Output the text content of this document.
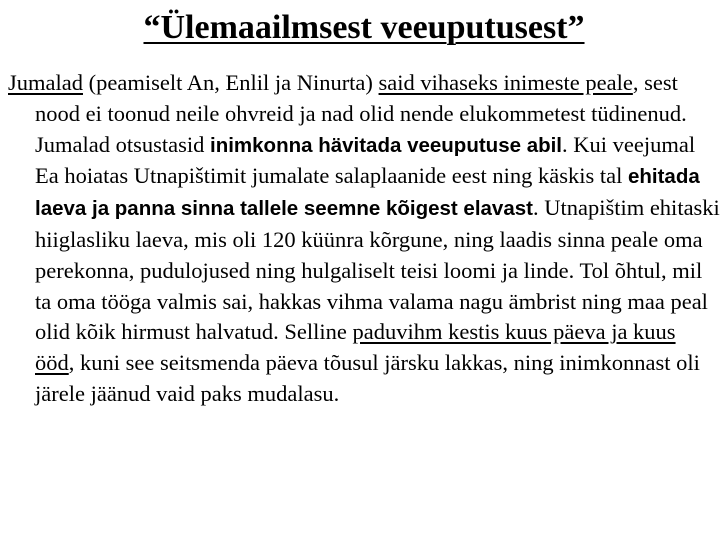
“Ülemaailmsest veeuputusest”

Jumalad (peamiselt An, Enlil ja Ninurta) said vihaseks inimeste peale, sest nood ei toonud neile ohvreid ja nad olid nende elukommetest tüdinenud. Jumalad otsustasid inimkonna hävitada veeuputuse abil. Kui veejumal Ea hoiatas Utnapištimit jumalate salaplaanide eest ning käskis tal ehitada laeva ja panna sinna tallele seemne kõigest elavast. Utnapištim ehitaski hiiglasliku laeva, mis oli 120 küünra kõrgune, ning laadis sinna peale oma perekonna, pudulojused ning hulgaliselt teisi loomi ja linde. Tol õhtul, mil ta oma tööga valmis sai, hakkas vihma valama nagu ämbrist ning maa peal olid kõik hirmust halvatud. Selline paduvihm kestis kuus päeva ja kuus ööd, kuni see seitsmenda päeva tõusul järsku lakkas, ning inimkonnast oli järele jäänud vaid paks mudalasu.
